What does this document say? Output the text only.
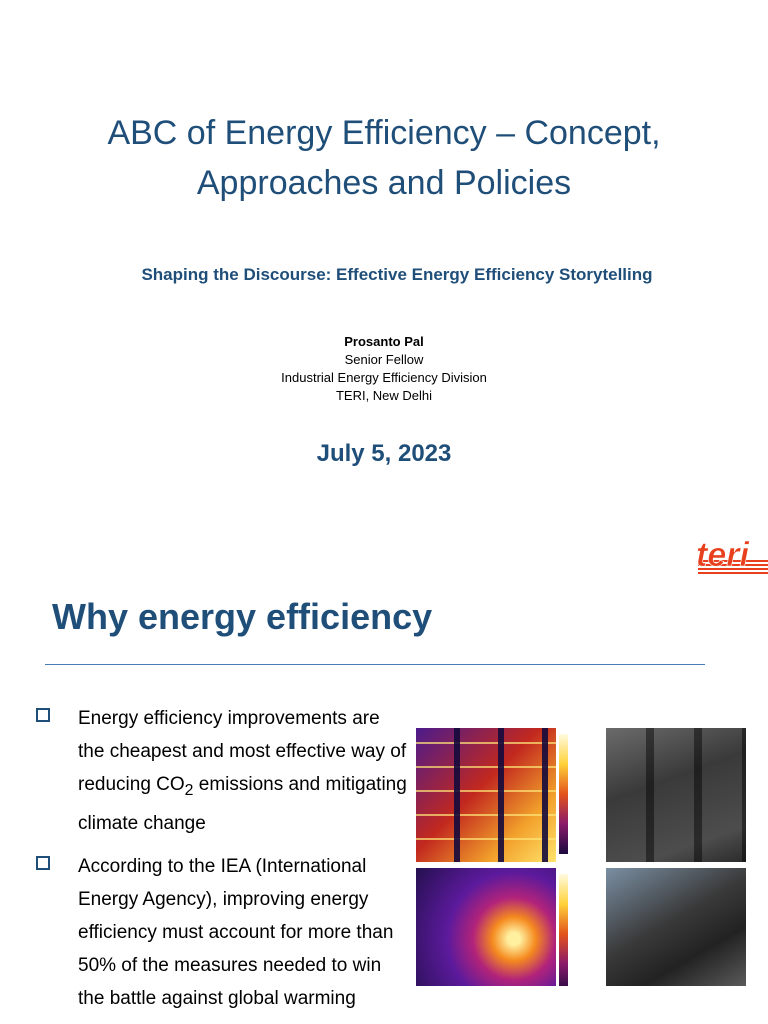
ABC of Energy Efficiency – Concept,
Approaches and Policies
Shaping the Discourse: Effective Energy Efficiency Storytelling
Prosanto Pal
Senior Fellow
Industrial Energy Efficiency Division
TERI, New Delhi
July 5, 2023
teri
Why energy efficiency
Energy efficiency improvements are the cheapest and most effective way of reducing $CO_2$ emissions and mitigating climate change
According to the IEA (International Energy Agency), improving energy efficiency must account for more than 50% of the measures needed to win the battle against global warming
